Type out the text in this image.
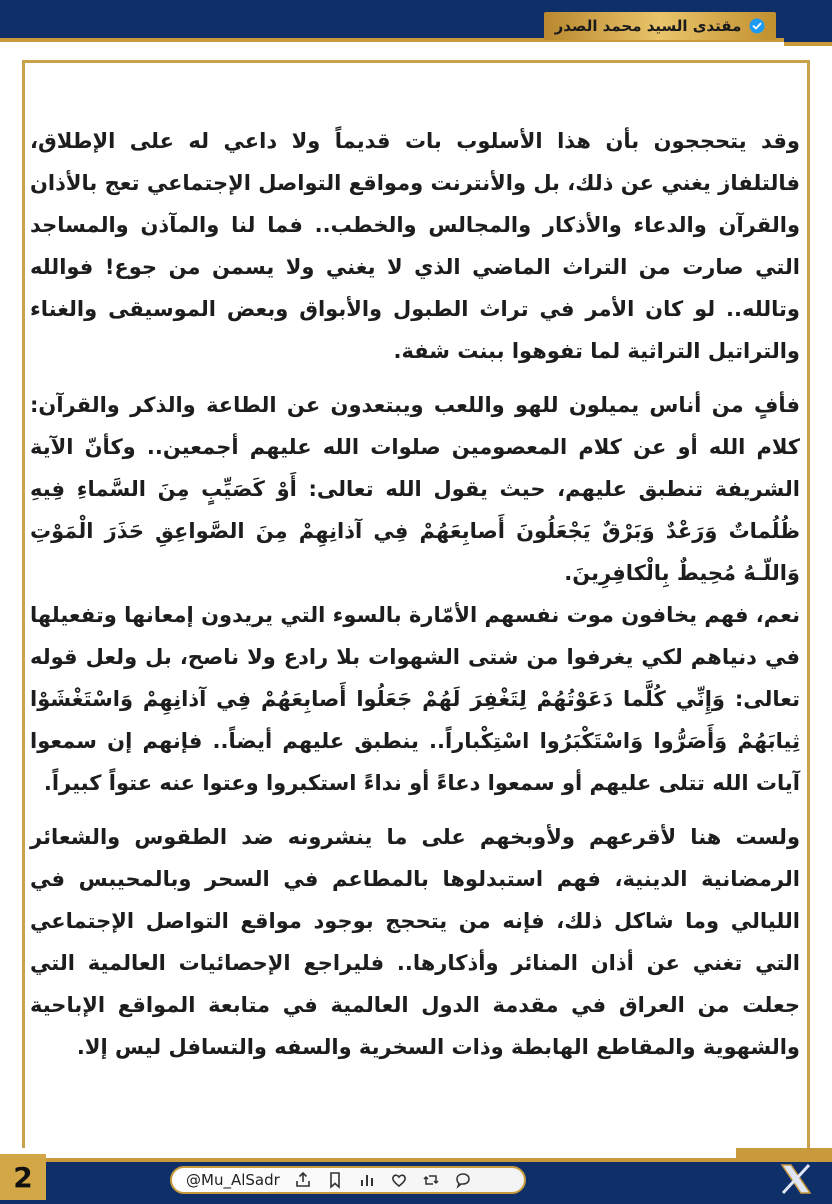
مقتدى السيد محمد الصدر

وقد يتحججون بأن هذا الأسلوب بات قديماً ولا داعي له على الإطلاق، فالتلفاز يغني عن ذلك، بل والأنترنت ومواقع التواصل الإجتماعي تعج بالأذان والقرآن والدعاء والأذكار والمجالس والخطب.. فما لنا والمآذن والمساجد التي صارت من التراث الماضي الذي لا يغني ولا يسمن من جوع! فوالله وتالله.. لو كان الأمر في تراث الطبول والأبواق وبعض الموسيقى والغناء والتراتيل التراثية لما تفوهوا ببنت شفة.

فأفٍ من أناس يميلون للهو واللعب ويبتعدون عن الطاعة والذكر والقرآن: كلام الله أو عن كلام المعصومين صلوات الله عليهم أجمعين.. وكأنّ الآية الشريفة تنطبق عليهم، حيث يقول الله تعالى: أَوْ كَصَيِّبٍ مِنَ السَّماءِ فِيهِ ظُلُماتٌ وَرَعْدٌ وَبَرْقٌ يَجْعَلُونَ أَصابِعَهُمْ فِي آذانِهِمْ مِنَ الصَّواعِقِ حَذَرَ الْمَوْتِ وَاللّـهُ مُحِيطٌ بِالْكافِرِينَ.

نعم، فهم يخافون موت نفسهم الأمّارة بالسوء التي يريدون إمعانها وتفعيلها في دنياهم لكي يغرفوا من شتى الشهوات بلا رادع ولا ناصح، بل ولعل قوله تعالى: وَإِنِّي كُلَّما دَعَوْتُهُمْ لِتَغْفِرَ لَهُمْ جَعَلُوا أَصابِعَهُمْ فِي آذانِهِمْ وَاسْتَغْشَوْا ثِيابَهُمْ وَأَصَرُّوا وَاسْتَكْبَرُوا اسْتِكْباراً.. ينطبق عليهم أيضاً.. فإنهم إن سمعوا آيات الله تتلى عليهم أو سمعوا دعاءً أو نداءً استكبروا وعتوا عنه عتواً كبيراً.

ولست هنا لأقرعهم ولأوبخهم على ما ينشرونه ضد الطقوس والشعائر الرمضانية الدينية، فهم استبدلوها بالمطاعم في السحر وبالمحيبس في الليالي وما شاكل ذلك، فإنه من يتحجج بوجود مواقع التواصل الإجتماعي التي تغني عن أذان المنائر وأذكارها.. فليراجع الإحصائيات العالمية التي جعلت من العراق في مقدمة الدول العالمية في متابعة المواقع الإباحية والشهوية والمقاطع الهابطة وذات السخرية والسفه والتسافل ليس إلا.

2	@Mu_AlSadr
